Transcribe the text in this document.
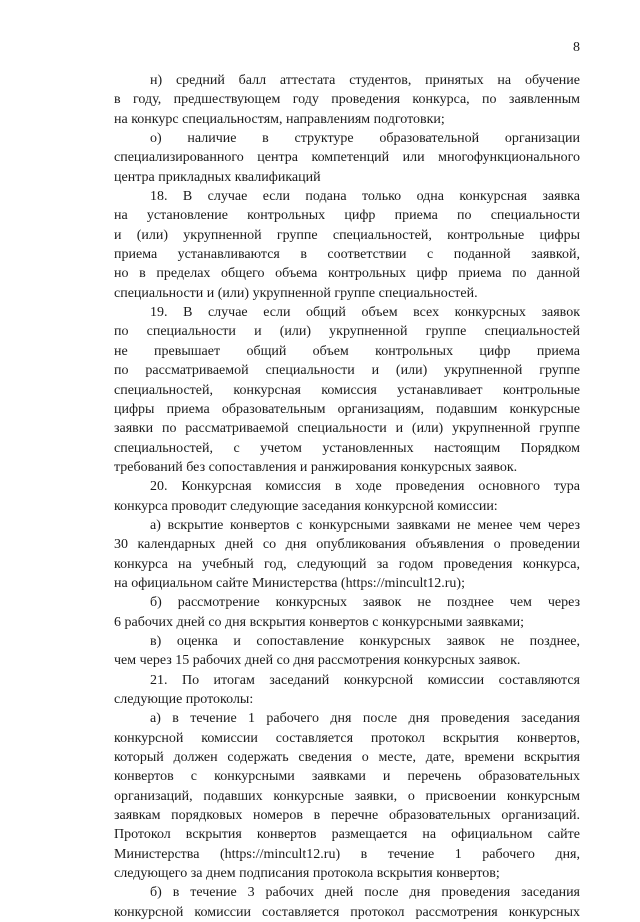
8
н) средний балл аттестата студентов, принятых на обучение
в году, предшествующем году проведения конкурса, по заявленным
на конкурс специальностям, направлениям подготовки;
о) наличие в структуре образовательной организации
специализированного центра компетенций или многофункционального
центра прикладных квалификаций
18. В случае если подана только одна конкурсная заявка
на установление контрольных цифр приема по специальности
и (или) укрупненной группе специальностей, контрольные цифры
приема устанавливаются в соответствии с поданной заявкой,
но в пределах общего объема контрольных цифр приема по данной
специальности и (или) укрупненной группе специальностей.
19. В случае если общий объем всех конкурсных заявок
по специальности и (или) укрупненной группе специальностей
не превышает общий объем контрольных цифр приема
по рассматриваемой специальности и (или) укрупненной группе
специальностей, конкурсная комиссия устанавливает контрольные
цифры приема образовательным организациям, подавшим конкурсные
заявки по рассматриваемой специальности и (или) укрупненной группе
специальностей, с учетом установленных настоящим Порядком
требований без сопоставления и ранжирования конкурсных заявок.
20. Конкурсная комиссия в ходе проведения основного тура
конкурса проводит следующие заседания конкурсной комиссии:
а) вскрытие конвертов с конкурсными заявками не менее чем через
30 календарных дней со дня опубликования объявления о проведении
конкурса на учебный год, следующий за годом проведения конкурса,
на официальном сайте Министерства (https://mincult12.ru);
б) рассмотрение конкурсных заявок не позднее чем через
6 рабочих дней со дня вскрытия конвертов с конкурсными заявками;
в) оценка и сопоставление конкурсных заявок не позднее,
чем через 15 рабочих дней со дня рассмотрения конкурсных заявок.
21. По итогам заседаний конкурсной комиссии составляются
следующие протоколы:
а) в течение 1 рабочего дня после дня проведения заседания
конкурсной комиссии составляется протокол вскрытия конвертов,
который должен содержать сведения о месте, дате, времени вскрытия
конвертов с конкурсными заявками и перечень образовательных
организаций, подавших конкурсные заявки, о присвоении конкурсным
заявкам порядковых номеров в перечне образовательных организаций.
Протокол вскрытия конвертов размещается на официальном сайте
Министерства (https://mincult12.ru) в течение 1 рабочего дня,
следующего за днем подписания протокола вскрытия конвертов;
б) в течение 3 рабочих дней после дня проведения заседания
конкурсной комиссии составляется протокол рассмотрения конкурсных
